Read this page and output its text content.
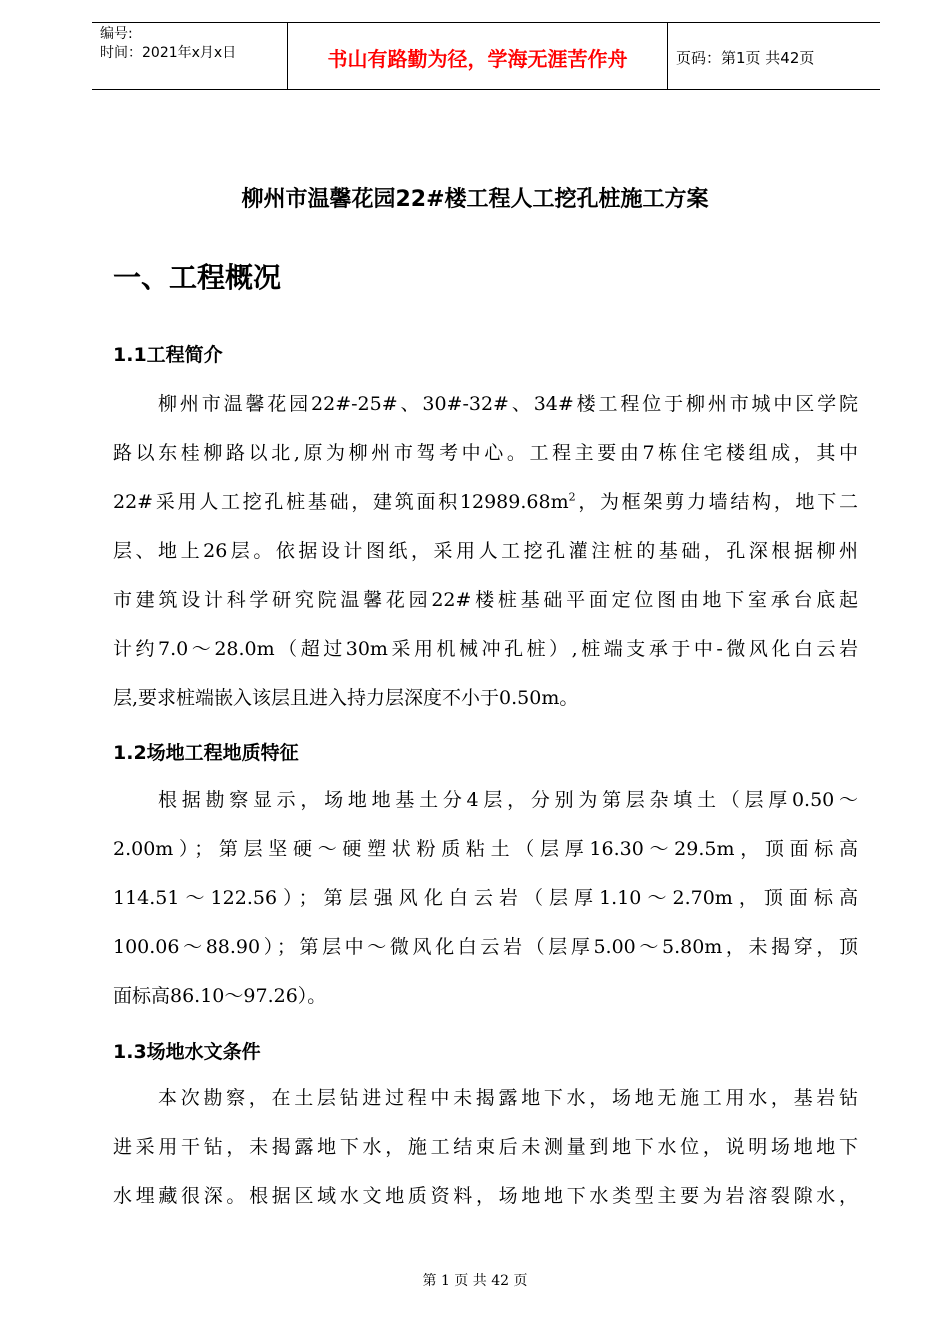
编号:
时间：2021年x月x日	书山有路勤为径，学海无涯苦作舟	页码：第1页 共42页
柳州市温馨花园22#楼工程人工挖孔桩施工方案
一、工程概况
1.1工程简介
柳州市温馨花园22#-25#、30#-32#、34#楼工程位于柳州市城中区学院
路以东桂柳路以北,原为柳州市驾考中心。工程主要由7栋住宅楼组成，其中
22#采用人工挖孔桩基础，建筑面积$12989.68m^2$，为框架剪力墙结构，地下二
层、地上26层。依据设计图纸，采用人工挖孔灌注桩的基础，孔深根据柳州
市建筑设计科学研究院温馨花园22#楼桩基础平面定位图由地下室承台底起
计约7.0～28.0m（超过30m采用机械冲孔桩）,桩端支承于中-微风化白云岩
层,要求桩端嵌入该层且进入持力层深度不小于0.50m。
1.2场地工程地质特征
根据勘察显示，场地地基土分4层，分别为第层杂填土（层厚0.50～
2.00m）；第层坚硬～硬塑状粉质粘土（层厚16.30～29.5m，顶面标高
114.51～122.56）；第层强风化白云岩（层厚1.10～2.70m，顶面标高
100.06～88.90）；第层中～微风化白云岩（层厚5.00～5.80m，未揭穿，顶
面标高86.10～97.26）。
1.3场地水文条件
本次勘察，在土层钻进过程中未揭露地下水，场地无施工用水，基岩钻
进采用干钻，未揭露地下水，施工结束后未测量到地下水位，说明场地地下
水埋藏很深。根据区域水文地质资料，场地地下水类型主要为岩溶裂隙水，
第 1 页 共 42 页
